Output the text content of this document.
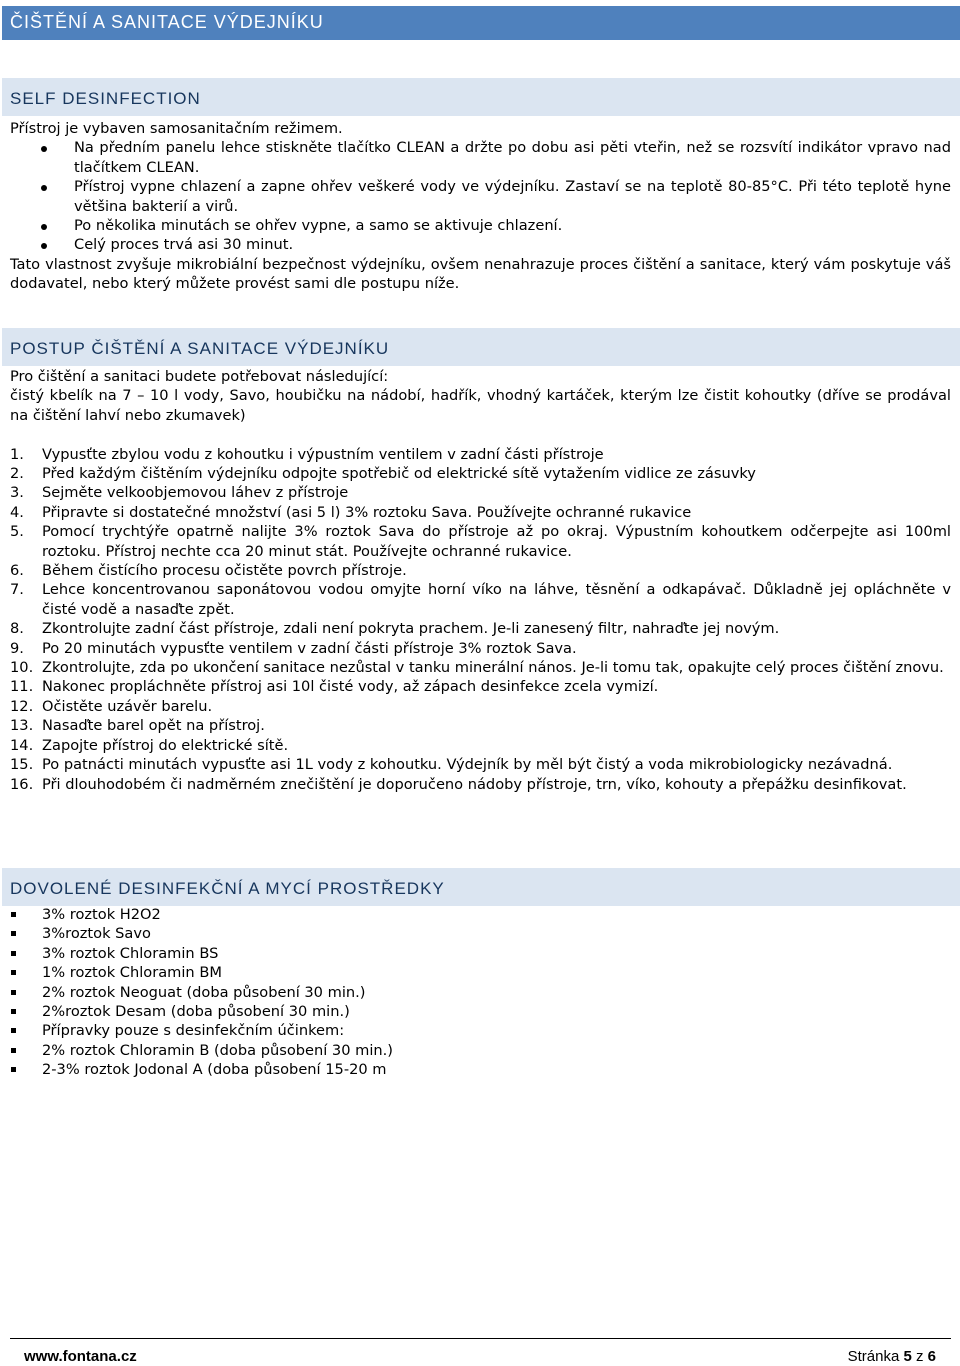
ČIŠTĚNÍ A SANITACE VÝDEJNÍKU
SELF DESINFECTION

Přístroj je vybaven samosanitačním režimem.

Na předním panelu lehce stiskněte tlačítko CLEAN a držte po dobu asi pěti vteřin, než se rozsvítí indikátor vpravo nad tlačítkem CLEAN.
Přístroj vypne chlazení a zapne ohřev veškeré vody ve výdejníku. Zastaví se na teplotě 80-85°C. Při této teplotě hyne většina bakterií a virů.
Po několika minutách se ohřev vypne, a samo se aktivuje chlazení.
Celý proces trvá asi 30 minut.

Tato vlastnost zvyšuje mikrobiální bezpečnost výdejníku, ovšem nenahrazuje proces čištění a sanitace, který vám poskytuje váš dodavatel, nebo který můžete provést sami dle postupu níže.

POSTUP ČIŠTĚNÍ A SANITACE VÝDEJNÍKU

Pro čištění a sanitaci budete potřebovat následující:

čistý kbelík na 7 – 10 l vody, Savo, houbičku na nádobí, hadřík, vhodný kartáček, kterým lze čistit kohoutky (dříve se prodával na čištění lahví nebo zkumavek)

1. Vypusťte zbylou vodu z kohoutku i výpustním ventilem v zadní části přístroje
2. Před každým čištěním výdejníku odpojte spotřebič od elektrické sítě vytažením vidlice ze zásuvky
3. Sejměte velkoobjemovou láhev z přístroje
4. Připravte si dostatečné množství (asi 5 l) 3% roztoku Sava. Používejte ochranné rukavice
5. Pomocí trychtýře opatrně nalijte 3% roztok Sava do přístroje až po okraj. Výpustním kohoutkem odčerpejte asi 100ml roztoku. Přístroj nechte cca 20 minut stát. Používejte ochranné rukavice.
6. Během čistícího procesu očistěte povrch přístroje.
7. Lehce koncentrovanou saponátovou vodou omyjte horní víko na láhve, těsnění a odkapávač. Důkladně jej opláchněte v čisté vodě a nasaďte zpět.
8. Zkontrolujte zadní část přístroje, zdali není pokryta prachem. Je-li zanesený filtr, nahraďte jej novým.
9. Po 20 minutách vypusťte ventilem v zadní části přístroje 3% roztok Sava.
10. Zkontrolujte, zda po ukončení sanitace nezůstal v tanku minerální nános. Je-li tomu tak, opakujte celý proces čištění znovu.
11. Nakonec propláchněte přístroj asi 10l čisté vody, až zápach desinfekce zcela vymizí.
12. Očistěte uzávěr barelu.
13. Nasaďte barel opět na přístroj.
14. Zapojte přístroj do elektrické sítě.
15. Po patnácti minutách vypusťte asi 1L vody z kohoutku. Výdejník by měl být čistý a voda mikrobiologicky nezávadná.
16. Při dlouhodobém či nadměrném znečištění je doporučeno nádoby přístroje, trn, víko, kohouty a přepážku desinfikovat.
DOVOLENÉ DESINFEKČNÍ A MYCÍ PROSTŘEDKY
3% roztok H2O2
3%roztok Savo
3% roztok Chloramin BS
1% roztok Chloramin BM
2% roztok Neoguat (doba působení 30 min.)
2%roztok Desam (doba působení 30 min.)
Přípravky pouze s desinfekčním účinkem:
2% roztok Chloramin B (doba působení 30 min.)
2-3% roztok Jodonal A (doba působení 15-20 m
www.fontana.cz	Stránka 5 z 6
